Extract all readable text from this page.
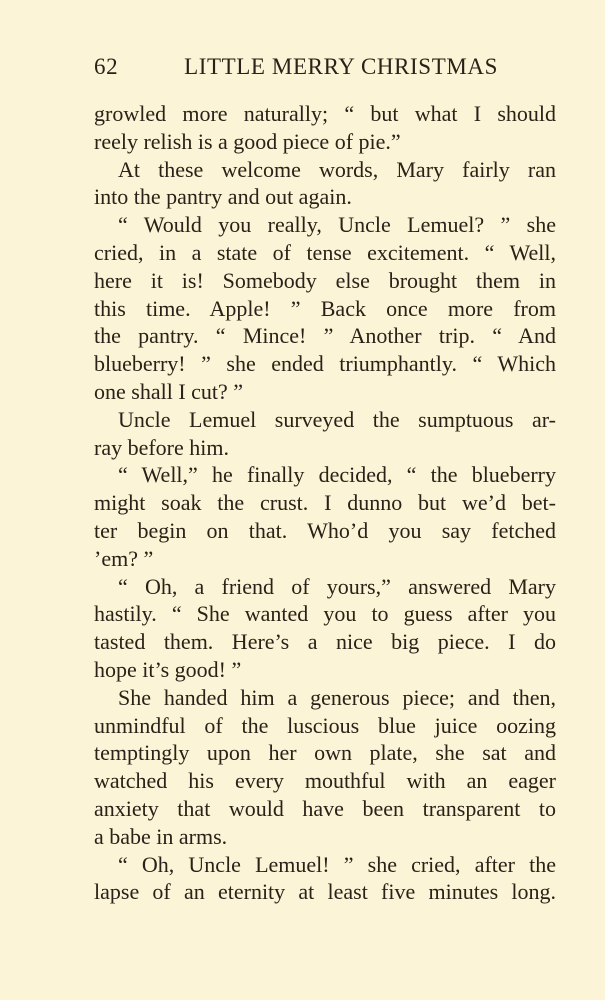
62	LITTLE MERRY CHRISTMAS
growled more naturally; “ but what I should
reely relish is a good piece of pie.”
At these welcome words, Mary fairly ran
into the pantry and out again.
“ Would you really, Uncle Lemuel? ” she
cried, in a state of tense excitement. “ Well,
here it is! Somebody else brought them in
this time. Apple! ” Back once more from
the pantry. “ Mince! ” Another trip. “ And
blueberry! ” she ended triumphantly. “ Which
one shall I cut? ”
Uncle Lemuel surveyed the sumptuous ar-
ray before him.
“ Well,” he finally decided, “ the blueberry
might soak the crust. I dunno but we’d bet-
ter begin on that. Who’d you say fetched
’em? ”
“ Oh, a friend of yours,” answered Mary
hastily. “ She wanted you to guess after you
tasted them. Here’s a nice big piece. I do
hope it’s good! ”
She handed him a generous piece; and then,
unmindful of the luscious blue juice oozing
temptingly upon her own plate, she sat and
watched his every mouthful with an eager
anxiety that would have been transparent to
a babe in arms.
“ Oh, Uncle Lemuel! ” she cried, after the
lapse of an eternity at least five minutes long.
